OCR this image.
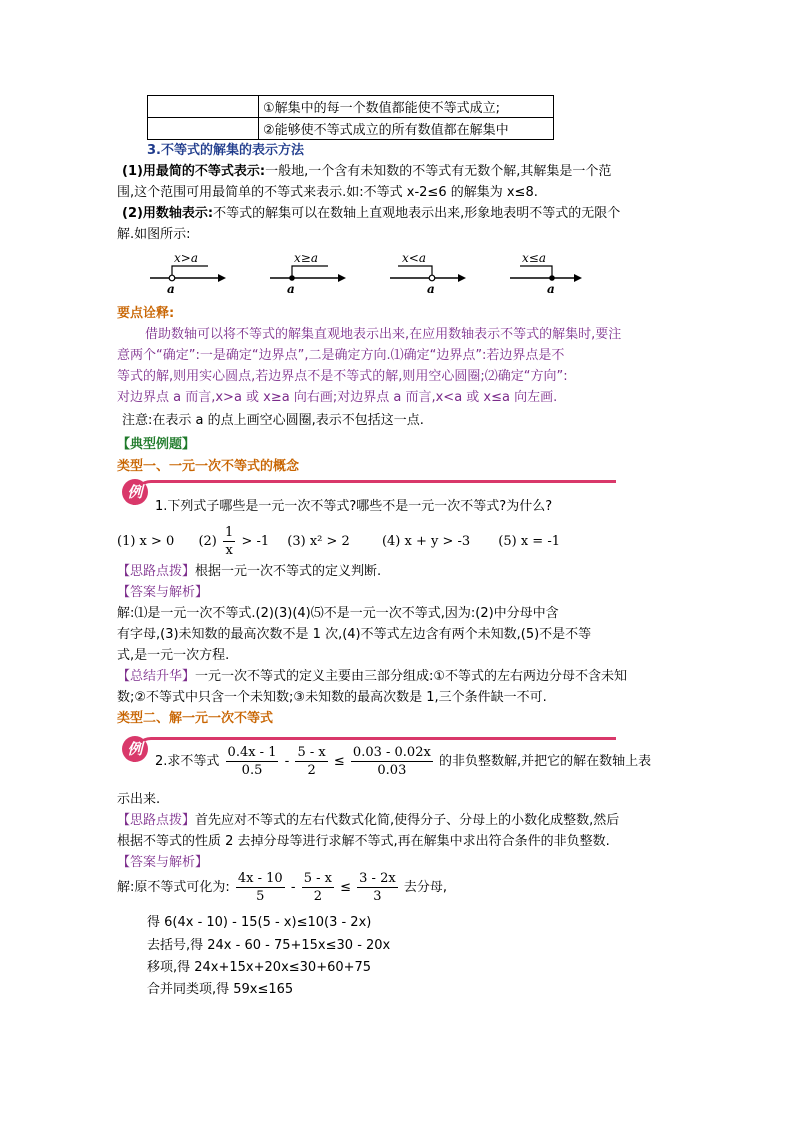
	①解集中的每一个数值都能使不等式成立;
	②能够使不等式成立的所有数值都在解集中
3.不等式的解集的表示方法
(1)用最简的不等式表示:一般地,一个含有未知数的不等式有无数个解,其解集是一个范
围,这个范围可用最简单的不等式来表示.如:不等式 x-2≤6 的解集为 x≤8.
(2)用数轴表示:不等式的解集可以在数轴上直观地表示出来,形象地表明不等式的无限个
解.如图所示:
x>a
a
x≥a
a
x<a
a
x≤a
a
要点诠释:
借助数轴可以将不等式的解集直观地表示出来,在应用数轴表示不等式的解集时,要注
意两个“确定”:一是确定“边界点”,二是确定方向.⑴确定“边界点”:若边界点是不
等式的解,则用实心圆点,若边界点不是不等式的解,则用空心圆圈;⑵确定“方向”:
对边界点 a 而言,x>a 或 x≥a 向右画;对边界点 a 而言,x<a 或 x≤a 向左画.
注意:在表示 a 的点上画空心圆圈,表示不包括这一点.
【典型例题】
类型一、一元一次不等式的概念
例
1.下列式子哪些是一元一次不等式?哪些不是一元一次不等式?为什么?
(1) x > 0 $(2) \frac{1}{x} > -1$ (3) x² > 2 (4) x + y > -3 (5) x = -1
【思路点拨】根据一元一次不等式的定义判断.
【答案与解析】
解:⑴是一元一次不等式.(2)(3)(4)⑸不是一元一次不等式,因为:(2)中分母中含
有字母,(3)未知数的最高次数不是 1 次,(4)不等式左边含有两个未知数,(5)不是不等
式,是一元一次方程.
【总结升华】一元一次不等式的定义主要由三部分组成:①不等式的左右两边分母不含未知
数;②不等式中只含一个未知数;③未知数的最高次数是 1,三个条件缺一不可.
类型二、解一元一次不等式
例
2.求不等式 $\frac{0.4x - 1}{0.5} - \frac{5 - x}{2} \le \frac{0.03 - 0.02x}{0.03}$ 的非负整数解,并把它的解在数轴上表
示出来.
【思路点拨】首先应对不等式的左右代数式化简,使得分子、分母上的小数化成整数,然后
根据不等式的性质 2 去掉分母等进行求解不等式,再在解集中求出符合条件的非负整数.
【答案与解析】
解:原不等式可化为: $\frac{4x - 10}{5} - \frac{5 - x}{2} \le \frac{3 - 2x}{3}$ 去分母,
得 6(4x - 10) - 15(5 - x)≤10(3 - 2x)
去括号,得 24x - 60 - 75+15x≤30 - 20x
移项,得 24x+15x+20x≤30+60+75
合并同类项,得 59x≤165
